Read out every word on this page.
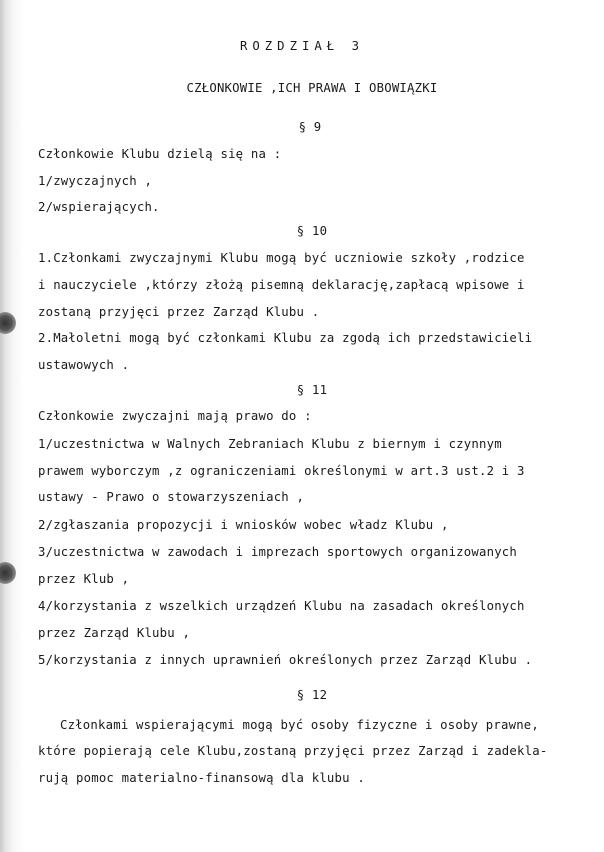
ROZDZIAŁ 3
CZŁONKOWIE ,ICH PRAWA I OBOWIĄZKI
§ 9
Członkowie Klubu dzielą się na :
1/zwyczajnych ,
2/wspierających.
§ 10
1.Członkami zwyczajnymi Klubu mogą być uczniowie szkoły ,rodzice
i nauczyciele ,którzy złożą pisemną deklarację,zapłacą wpisowe i
zostaną przyjęci przez Zarząd Klubu .
2.Małoletni mogą być członkami Klubu za zgodą ich przedstawicieli
ustawowych .
§ 11
Członkowie zwyczajni mają prawo do :
1/uczestnictwa w Walnych Zebraniach Klubu z biernym i czynnym
prawem wyborczym ,z ograniczeniami określonymi w art.3 ust.2 i 3
ustawy - Prawo o stowarzyszeniach ,
2/zgłaszania propozycji i wniosków wobec władz Klubu ,
3/uczestnictwa w zawodach i imprezach sportowych organizowanych
przez Klub ,
4/korzystania z wszelkich urządzeń Klubu na zasadach określonych
przez Zarząd Klubu ,
5/korzystania z innych uprawnień określonych przez Zarząd Klubu .
§ 12
Członkami wspierającymi mogą być osoby fizyczne i osoby prawne,
które popierają cele Klubu,zostaną przyjęci przez Zarząd i zadekla-
rują pomoc materialno-finansową dla klubu .
